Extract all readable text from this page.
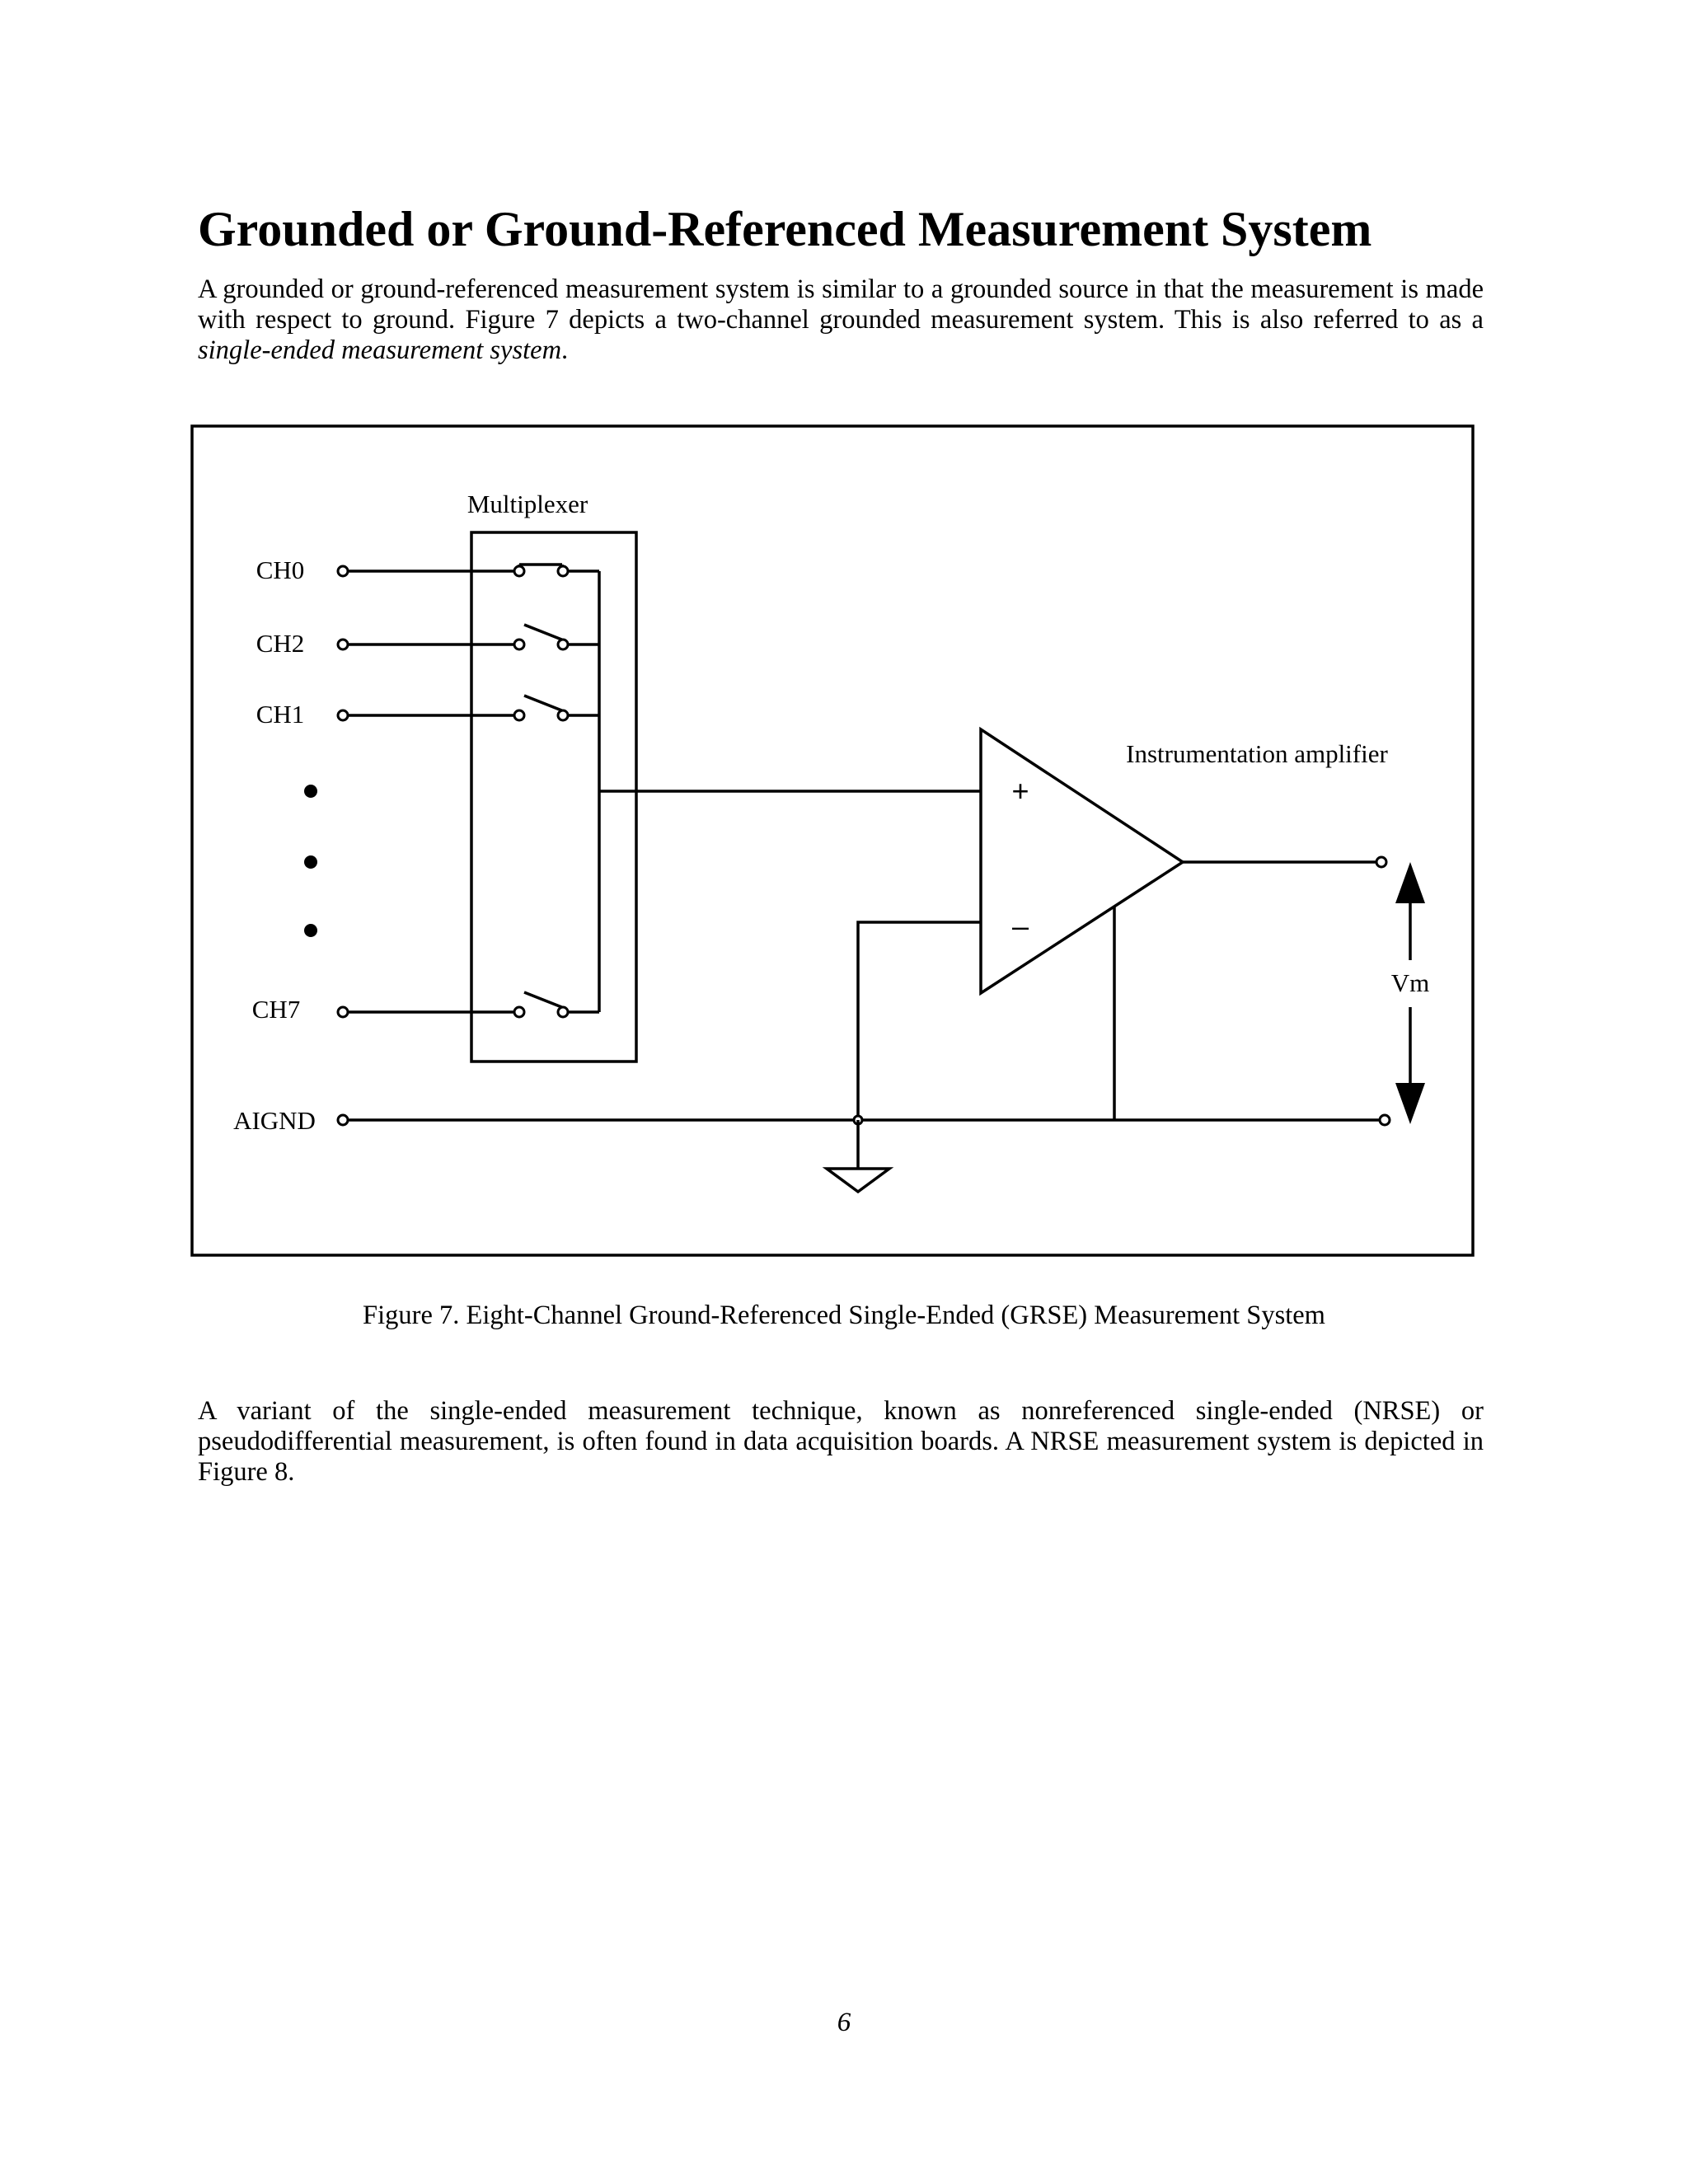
Grounded or Ground-Referenced Measurement System

A grounded or ground-referenced measurement system is similar to a grounded source in that the measurement is made with respect to ground. Figure 7 depicts a two-channel grounded measurement system. This is also referred to as a single-ended measurement system.

Multiplexer
CH0
CH2
CH1
CH7
AIGND
Instrumentation amplifier
+
–
Vm

Figure 7. Eight-Channel Ground-Referenced Single-Ended (GRSE) Measurement System

A variant of the single-ended measurement technique, known as nonreferenced single-ended (NRSE) or pseudodifferential measurement, is often found in data acquisition boards. A NRSE measurement system is depicted in Figure 8.

6
